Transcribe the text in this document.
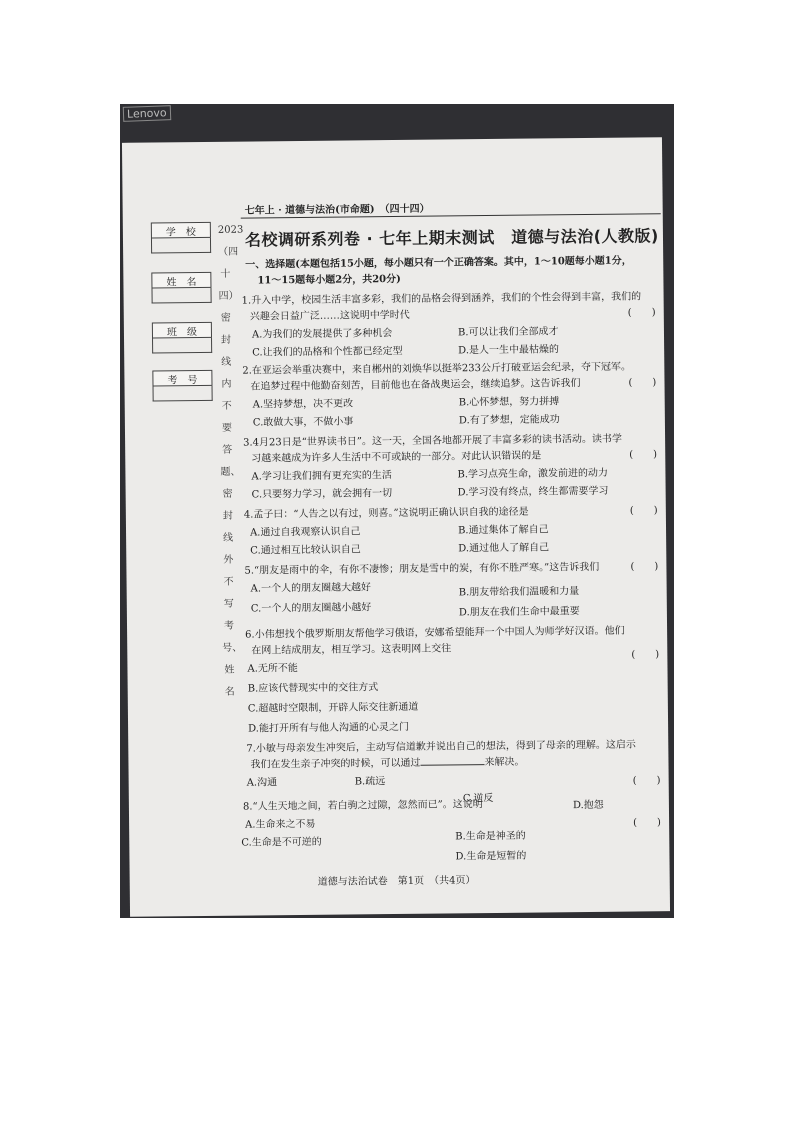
Lenovo
七年上 · 道德与法治(市命题)　（四十四）
名校调研系列卷 · 七年上期末测试　道德与法治(人教版)
一、选择题(本题包括15小题，每小题只有一个正确答案。其中，1～10题每小题1分，
11～15题每小题2分，共20分)
学　校
姓　名
班　级
考　号
2023（四十四）密封线内不要答题、密封线外不写考号、姓名
1.升入中学，校园生活丰富多彩，我们的品格会得到涵养，我们的个性会得到丰富，我们的
兴趣会日益广泛……这说明中学时代	(　　)
A.为我们的发展提供了多种机会	B.可以让我们全部成才
C.让我们的品格和个性都已经定型	D.是人一生中最枯燥的
2.在亚运会举重决赛中，来自郴州的刘焕华以挺举233公斤打破亚运会纪录，夺下冠军。
在追梦过程中他勤奋刻苦，目前他也在备战奥运会，继续追梦。这告诉我们	(　　)
A.坚持梦想，决不更改	B.心怀梦想，努力拼搏
C.敢做大事，不做小事	D.有了梦想，定能成功
3.4月23日是“世界读书日”。这一天，全国各地都开展了丰富多彩的读书活动。读书学
习越来越成为许多人生活中不可或缺的一部分。对此认识错误的是	(　　)
A.学习让我们拥有更充实的生活	B.学习点亮生命，激发前进的动力
C.只要努力学习，就会拥有一切	D.学习没有终点，终生都需要学习
4.孟子曰：“人告之以有过，则喜。”这说明正确认识自我的途径是	(　　)
A.通过自我观察认识自己	B.通过集体了解自己
C.通过相互比较认识自己	D.通过他人了解自己
5.“朋友是雨中的伞，有你不凄惨；朋友是雪中的炭，有你不胜严寒。”这告诉我们	(　　)
A.一个人的朋友圈越大越好	B.朋友带给我们温暖和力量
C.一个人的朋友圈越小越好	D.朋友在我们生命中最重要
6.小伟想找个俄罗斯朋友帮他学习俄语，安娜希望能拜一个中国人为师学好汉语。他们
在网上结成朋友，相互学习。这表明网上交往	(　　)
A.无所不能
B.应该代替现实中的交往方式
C.超越时空限制，开辟人际交往新通道
D.能打开所有与他人沟通的心灵之门
7.小敏与母亲发生冲突后，主动写信道歉并说出自己的想法，得到了母亲的理解。这启示
我们在发生亲子冲突的时候，可以通过	来解决。
A.沟通	B.疏远	(　　)
C.逆反
D.抱怨
8.“人生天地之间，若白驹之过隙，忽然而已”。这说明
A.生命来之不易	(　　)
C.生命是不可逆的
B.生命是神圣的
D.生命是短暂的
道德与法治试卷　第1页　（共4页）
